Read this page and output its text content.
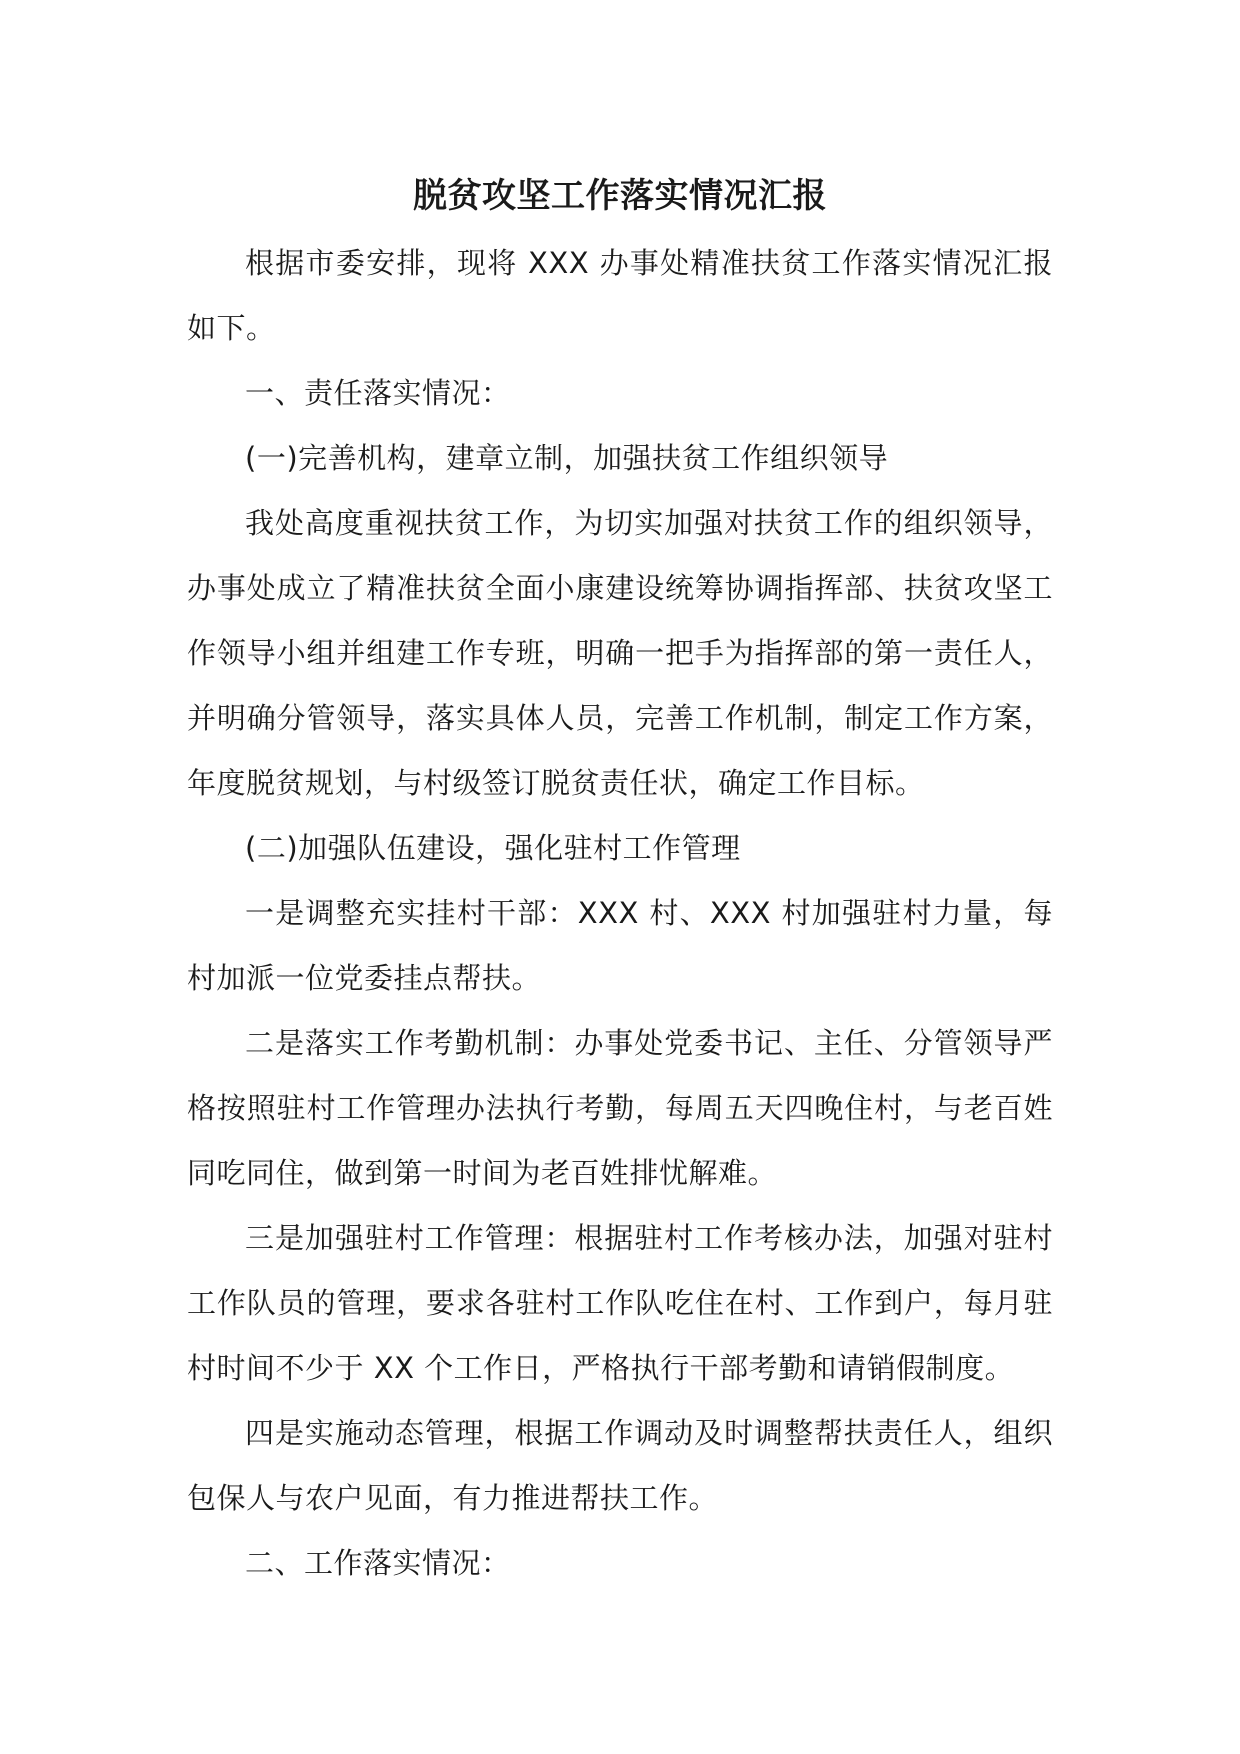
脱贫攻坚工作落实情况汇报

根据市委安排，现将 XXX 办事处精准扶贫工作落实情况汇报如下。

一、责任落实情况：

(一)完善机构，建章立制，加强扶贫工作组织领导

我处高度重视扶贫工作，为切实加强对扶贫工作的组织领导，办事处成立了精准扶贫全面小康建设统筹协调指挥部、扶贫攻坚工作领导小组并组建工作专班，明确一把手为指挥部的第一责任人，并明确分管领导，落实具体人员，完善工作机制，制定工作方案，年度脱贫规划，与村级签订脱贫责任状，确定工作目标。

(二)加强队伍建设，强化驻村工作管理

一是调整充实挂村干部：XXX 村、XXX 村加强驻村力量，每村加派一位党委挂点帮扶。

二是落实工作考勤机制：办事处党委书记、主任、分管领导严格按照驻村工作管理办法执行考勤，每周五天四晚住村，与老百姓同吃同住，做到第一时间为老百姓排忧解难。

三是加强驻村工作管理：根据驻村工作考核办法，加强对驻村工作队员的管理，要求各驻村工作队吃住在村、工作到户，每月驻村时间不少于 XX 个工作日，严格执行干部考勤和请销假制度。

四是实施动态管理，根据工作调动及时调整帮扶责任人，组织包保人与农户见面，有力推进帮扶工作。

二、工作落实情况：
